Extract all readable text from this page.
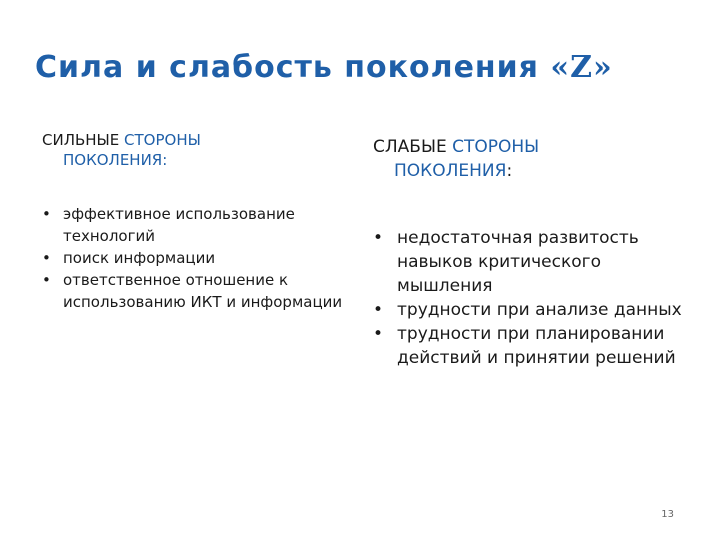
Сила и слабость поколения «Z»
СИЛЬНЫЕ СТОРОНЫ
ПОКОЛЕНИЯ:
• эффективное использование технологий
• поиск информации
• ответственное отношение к использованию ИКТ и информации
СЛАБЫЕ СТОРОНЫ
ПОКОЛЕНИЯ:
• недостаточная развитость навыков критического мышления
• трудности при анализе данных
• трудности при планировании действий и принятии решений
13
